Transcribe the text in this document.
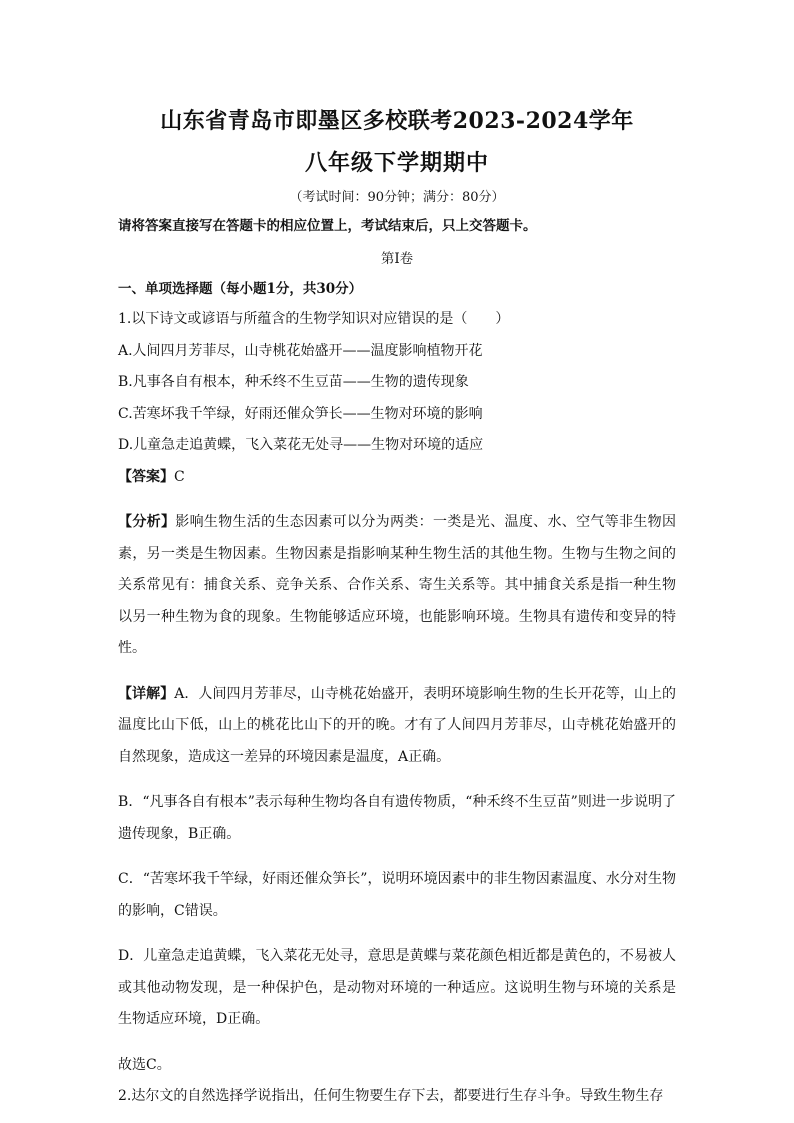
山东省青岛市即墨区多校联考2023-2024学年
八年级下学期期中
（考试时间：90分钟；满分：80分）

请将答案直接写在答题卡的相应位置上，考试结束后，只上交答题卡。

第Ⅰ卷

一、单项选择题（每小题1分，共30分）

1.以下诗文或谚语与所蕴含的生物学知识对应错误的是（　　）

A.人间四月芳菲尽，山寺桃花始盛开——温度影响植物开花

B.凡事各自有根本，种禾终不生豆苗——生物的遗传现象

C.苦寒坏我千竿绿，好雨还催众笋长——生物对环境的影响

D.儿童急走追黄蝶，飞入菜花无处寻——生物对环境的适应

【答案】C

【分析】影响生物生活的生态因素可以分为两类：一类是光、温度、水、空气等非生物因素，另一类是生物因素。生物因素是指影响某种生物生活的其他生物。生物与生物之间的关系常见有：捕食关系、竞争关系、合作关系、寄生关系等。其中捕食关系是指一种生物以另一种生物为食的现象。生物能够适应环境，也能影响环境。生物具有遗传和变异的特性。

【详解】A．人间四月芳菲尽，山寺桃花始盛开，表明环境影响生物的生长开花等，山上的温度比山下低，山上的桃花比山下的开的晚。才有了人间四月芳菲尽，山寺桃花始盛开的自然现象，造成这一差异的环境因素是温度，A正确。

B．“凡事各自有根本”表示每种生物均各自有遗传物质，“种禾终不生豆苗”则进一步说明了遗传现象，B正确。

C．“苦寒坏我千竿绿，好雨还催众笋长”，说明环境因素中的非生物因素温度、水分对生物的影响，C错误。

D．儿童急走追黄蝶，飞入菜花无处寻，意思是黄蝶与菜花颜色相近都是黄色的，不易被人或其他动物发现，是一种保护色，是动物对环境的一种适应。这说明生物与环境的关系是生物适应环境，D正确。

故选C。

2.达尔文的自然选择学说指出，任何生物要生存下去，都要进行生存斗争。导致生物生存
